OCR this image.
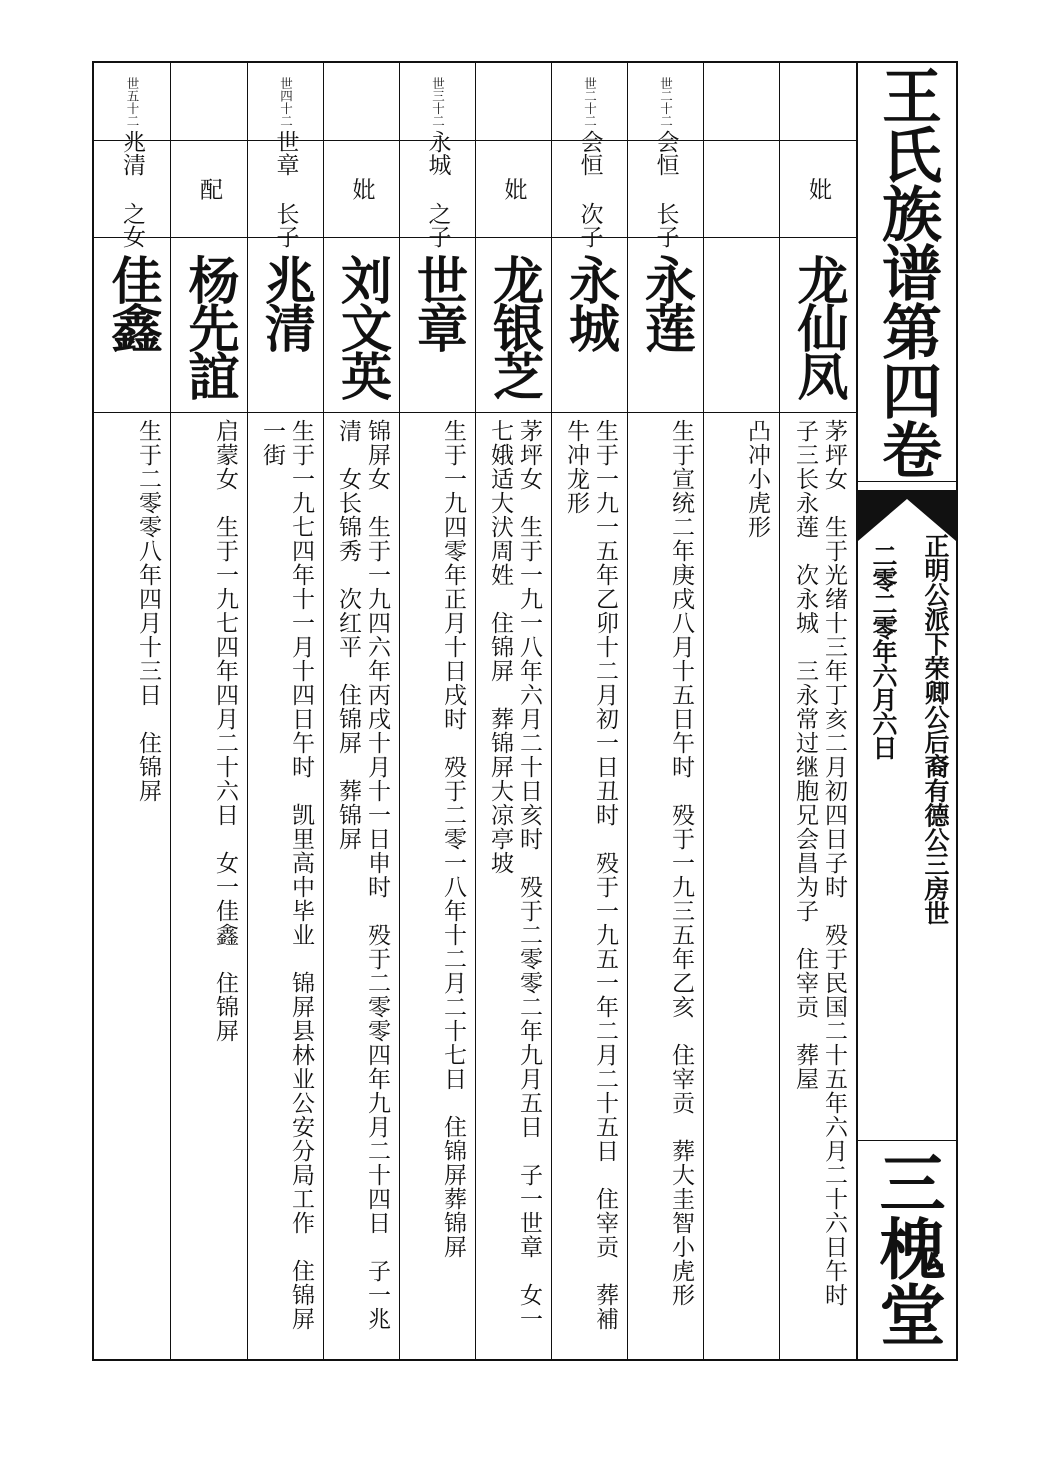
世五十二
兆清 之女
佳鑫
生于二零零八年四月十三日　住锦屏
配
杨先誼
启蒙女　生于一九七四年四月二十六日　女一佳鑫　住锦屏
世四十二
世章 长子
兆清
生于一九七四年十一月十四日午时　凯里高中毕业　锦屏县林业公安分局工作　住锦屏一街
妣
刘文英
锦屏女　生于一九四六年丙戌十月十一日申时　殁于二零零四年九月二十四日　子一兆清　女长锦秀　次红平　住锦屏　葬锦屏
世三十二
永城 之子
世章
生于一九四零年正月十日戌时　殁于二零一八年十二月二十七日　住锦屏葬锦屏
妣
龙银芝
茅坪女　生于一九一八年六月二十日亥时　殁于二零零二年九月五日　子一世章　女一七娥适大汱周姓　住锦屏　葬锦屏大凉亭坡
世二十二
会恒 次子
永城
生于一九一五年乙卯十二月初一日丑时　殁于一九五一年二月二十五日　住宰贡　葬補牛冲龙形
世二十二
会恒 长子
永莲
生于宣统二年庚戌八月十五日午时　殁于一九三五年乙亥　住宰贡　葬大圭智小虎形 凸冲小虎形
妣
龙仙凤
茅坪女　生于光绪十三年丁亥二月初四日子时　殁于民国二十五年六月二十六日午时　子三长永莲　次永城　三永常过继胞兄会昌为子　住宰贡　葬屋
王氏族谱第四卷
正明公派下荣卿公后裔有德公三房世
二零二零年六月六日
三槐堂
